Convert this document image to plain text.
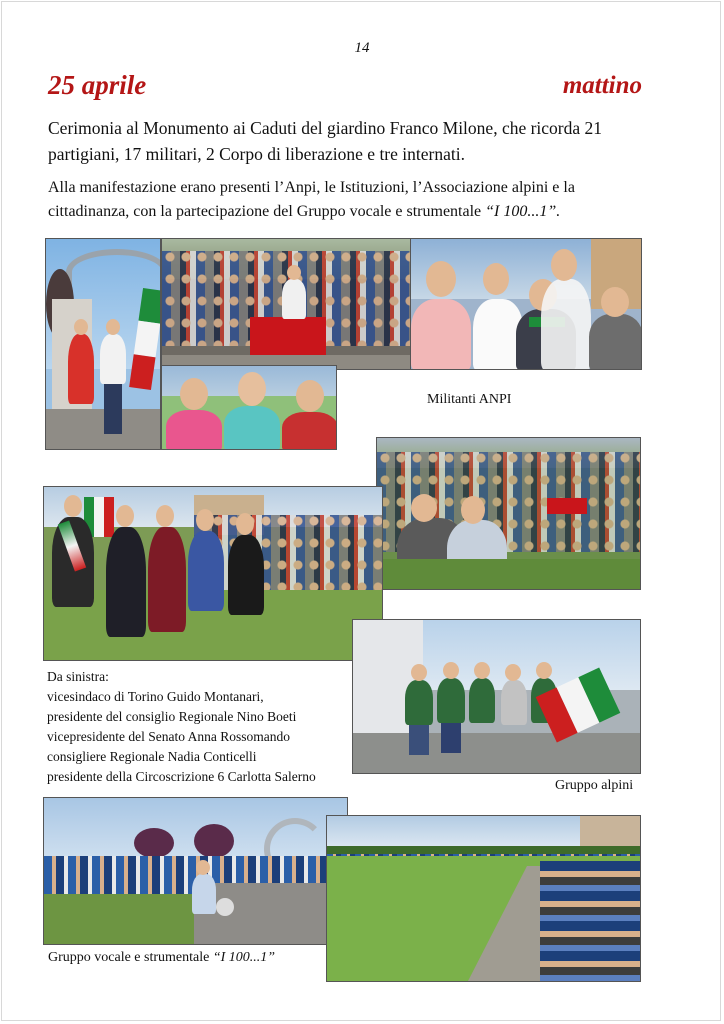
14
25 aprile	mattino

Cerimonia al Monumento ai Caduti del giardino Franco Milone, che ricorda 21 partigiani, 17 militari, 2 Corpo di liberazione e tre internati.

Alla manifestazione erano presenti l’Anpi, le Istituzioni, l’Associazione alpini e la cittadinanza, con la partecipazione del Gruppo vocale e strumentale “I 100...1”.

Militanti ANPI
Da sinistra:
vicesindaco di Torino Guido Montanari,
presidente del consiglio Regionale Nino Boeti
vicepresidente del Senato Anna Rossomando
consigliere Regionale Nadia Conticelli
presidente della Circoscrizione 6 Carlotta Salerno
Gruppo alpini
Gruppo vocale e strumentale “I 100...1”
